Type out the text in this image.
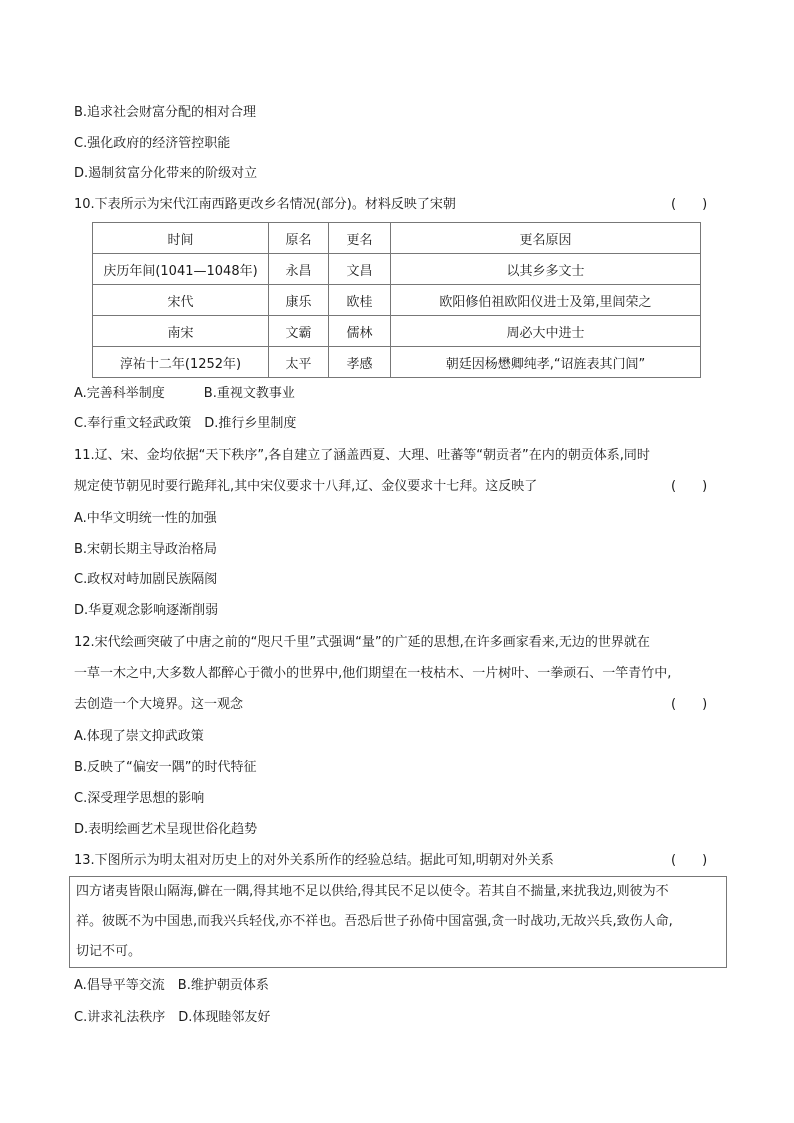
B.追求社会财富分配的相对合理
C.强化政府的经济管控职能
D.遏制贫富分化带来的阶级对立
10.下表所示为宋代江南西路更改乡名情况(部分)。材料反映了宋朝	(　　)
时间	原名	更名	更名原因
庆历年间(1041—1048年)	永昌	文昌	以其乡多文士
宋代	康乐	欧桂	欧阳修伯祖欧阳仪进士及第,里闾荣之
南宋	文霸	儒林	周必大中进士
淳祐十二年(1252年)	太平	孝感	朝廷因杨懋卿纯孝,“诏旌表其门闾”
A.完善科举制度　　　B.重视文教事业
C.奉行重文轻武政策　D.推行乡里制度
11.辽、宋、金均依据“天下秩序”,各自建立了涵盖西夏、大理、吐蕃等“朝贡者”在内的朝贡体系,同时
规定使节朝见时要行跪拜礼,其中宋仪要求十八拜,辽、金仪要求十七拜。这反映了	(　　)
A.中华文明统一性的加强
B.宋朝长期主导政治格局
C.政权对峙加剧民族隔阂
D.华夏观念影响逐渐削弱
12.宋代绘画突破了中唐之前的“咫尺千里”式强调“量”的广延的思想,在许多画家看来,无边的世界就在
一草一木之中,大多数人都醉心于微小的世界中,他们期望在一枝枯木、一片树叶、一拳顽石、一竿青竹中,
去创造一个大境界。这一观念	(　　)
A.体现了崇文抑武政策
B.反映了“偏安一隅”的时代特征
C.深受理学思想的影响
D.表明绘画艺术呈现世俗化趋势
13.下图所示为明太祖对历史上的对外关系所作的经验总结。据此可知,明朝对外关系	(　　)
四方诸夷皆限山隔海,僻在一隅,得其地不足以供给,得其民不足以使令。若其自不揣量,来扰我边,则彼为不
祥。彼既不为中国患,而我兴兵轻伐,亦不祥也。吾恐后世子孙倚中国富强,贪一时战功,无故兴兵,致伤人命,
切记不可。
A.倡导平等交流　B.维护朝贡体系
C.讲求礼法秩序　D.体现睦邻友好
